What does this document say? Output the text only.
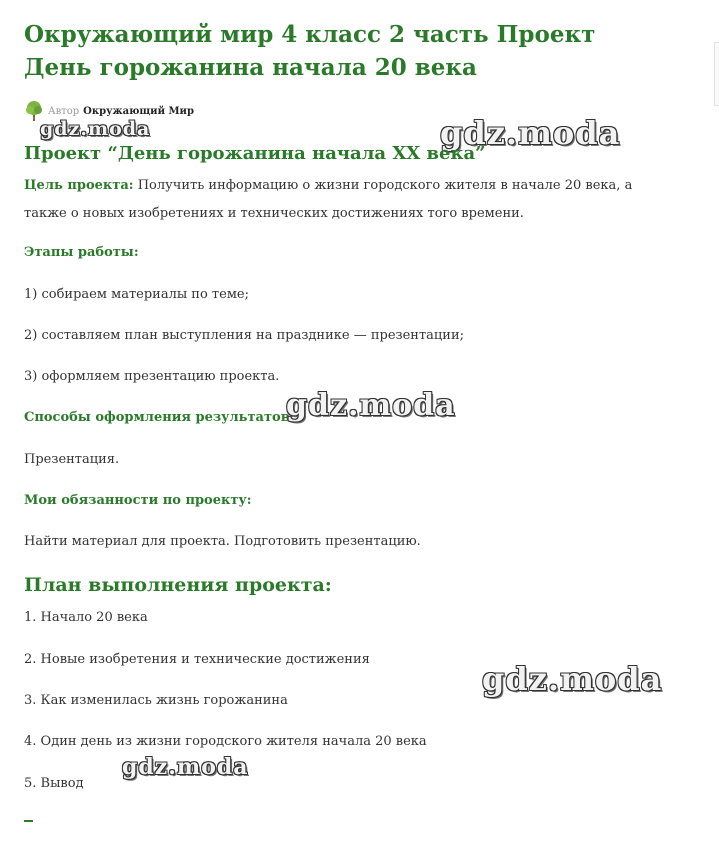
Окружающий мир 4 класс 2 часть Проект День горожанина начала 20 века
Автор Окружающий Мир
gdz.moda	gdz.moda
Проект “День горожанина начала XX века”

Цель проекта: Получить информацию о жизни городского жителя в начале 20 века, а также о новых изобретениях и технических достижениях того времени.

Этапы работы:

1) собираем материалы по теме;

2) составляем план выступления на празднике — презентации;

3) оформляем презентацию проекта.

Способы оформления результатов:

gdz.moda

Презентация.

Мои обязанности по проекту:

Найти материал для проекта. Подготовить презентацию.

План выполнения проекта:

1. Начало 20 века

2. Новые изобретения и технические достижения

3. Как изменилась жизнь горожанина

4. Один день из жизни городского жителя начала 20 века

5. Вывод

gdz.moda
gdz.moda
